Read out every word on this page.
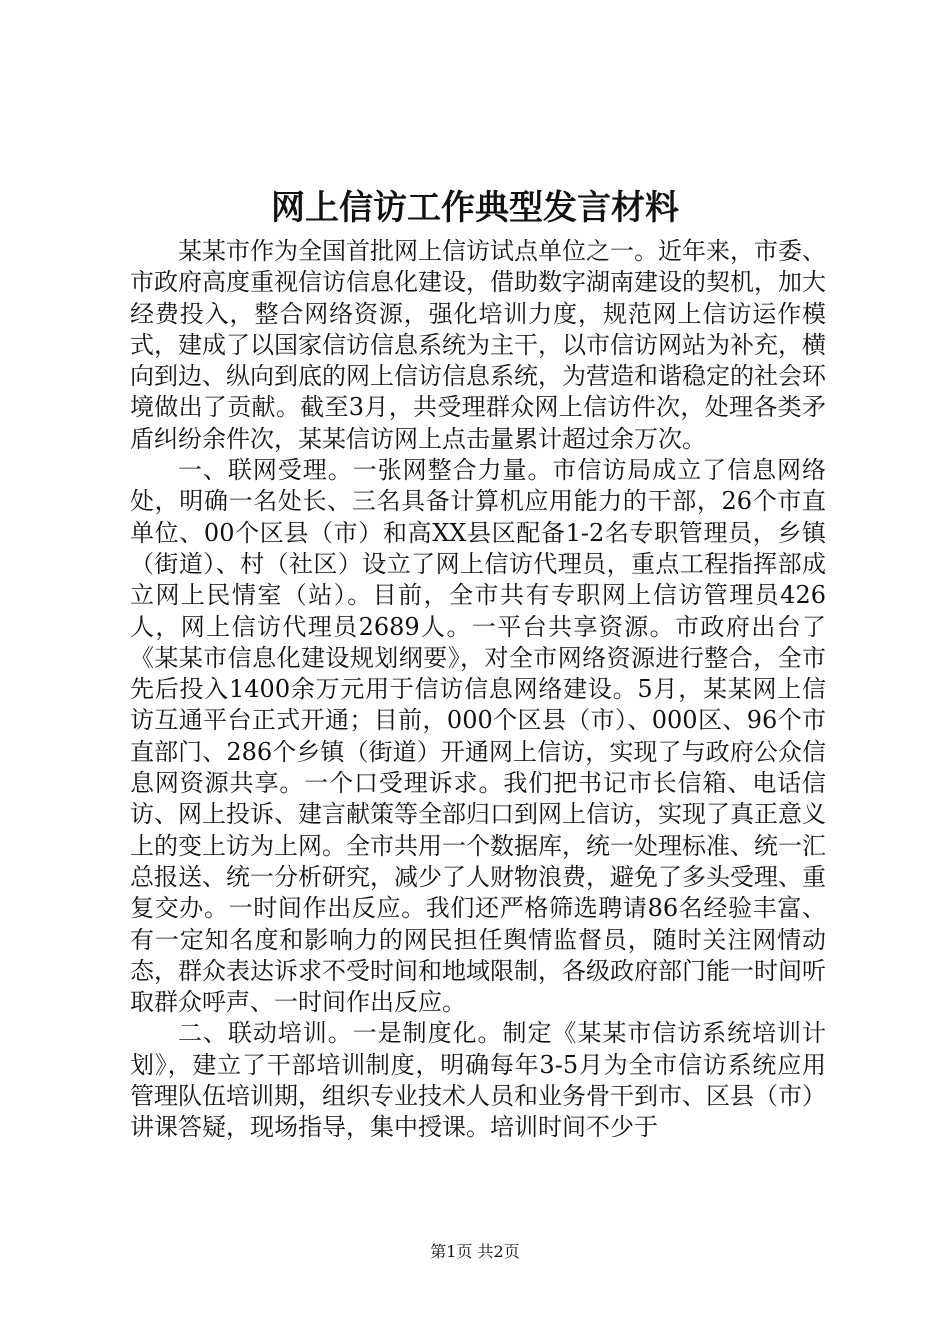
网上信访工作典型发言材料

某某市作为全国首批网上信访试点单位之一。近年来，市委、市政府高度重视信访信息化建设，借助数字湖南建设的契机，加大经费投入，整合网络资源，强化培训力度，规范网上信访运作模式，建成了以国家信访信息系统为主干，以市信访网站为补充，横向到边、纵向到底的网上信访信息系统，为营造和谐稳定的社会环境做出了贡献。截至3月，共受理群众网上信访件次，处理各类矛盾纠纷余件次，某某信访网上点击量累计超过余万次。

一、联网受理。一张网整合力量。市信访局成立了信息网络处，明确一名处长、三名具备计算机应用能力的干部，26个市直单位、00个区县（市）和高XX县区配备1-2名专职管理员，乡镇（街道）、村（社区）设立了网上信访代理员，重点工程指挥部成立网上民情室（站）。目前，全市共有专职网上信访管理员426人，网上信访代理员2689人。一平台共享资源。市政府出台了《某某市信息化建设规划纲要》，对全市网络资源进行整合，全市先后投入1400余万元用于信访信息网络建设。5月，某某网上信访互通平台正式开通；目前，000个区县（市）、000区、96个市直部门、286个乡镇（街道）开通网上信访，实现了与政府公众信息网资源共享。一个口受理诉求。我们把书记市长信箱、电话信访、网上投诉、建言献策等全部归口到网上信访，实现了真正意义上的变上访为上网。全市共用一个数据库，统一处理标准、统一汇总报送、统一分析研究，减少了人财物浪费，避免了多头受理、重复交办。一时间作出反应。我们还严格筛选聘请86名经验丰富、有一定知名度和影响力的网民担任舆情监督员，随时关注网情动态，群众表达诉求不受时间和地域限制，各级政府部门能一时间听取群众呼声、一时间作出反应。

二、联动培训。一是制度化。制定《某某市信访系统培训计划》，建立了干部培训制度，明确每年3-5月为全市信访系统应用管理队伍培训期，组织专业技术人员和业务骨干到市、区县（市）讲课答疑，现场指导，集中授课。培训时间不少于

第1页 共2页
